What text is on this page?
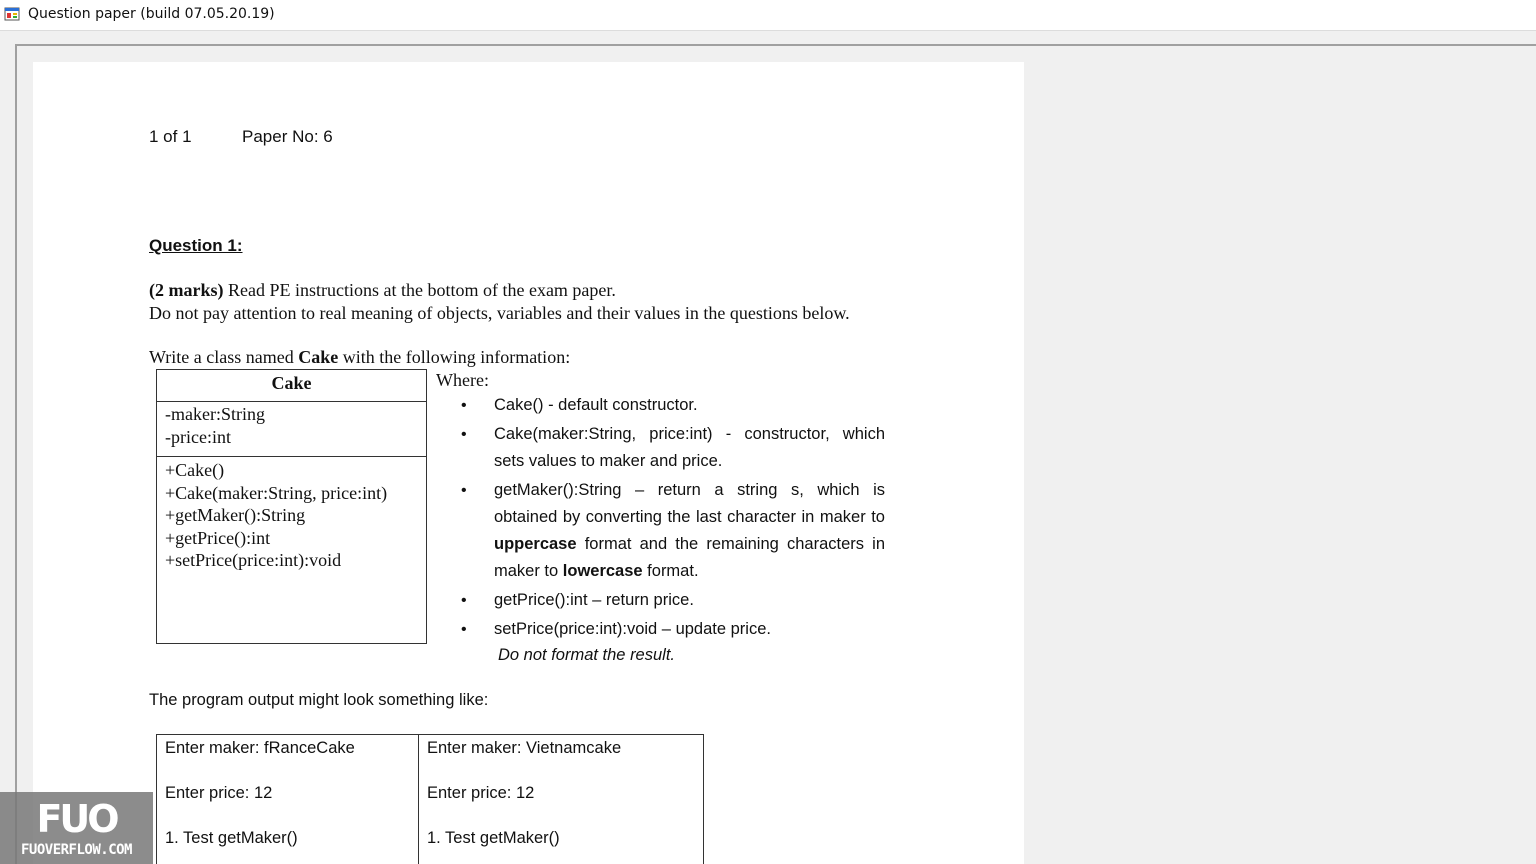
Question paper (build 07.05.20.19)
1 of 1	Paper No: 6
Question 1:
(2 marks) Read PE instructions at the bottom of the exam paper.
Do not pay attention to real meaning of objects, variables and their values in the questions below.
Write a class named Cake with the following information:
Cake
-maker:String
-price:int
+Cake()
+Cake(maker:String, price:int)
+getMaker():String
+getPrice():int
+setPrice(price:int):void
Where:
• Cake() - default constructor.
• Cake(maker:String, price:int) - constructor, which sets values to maker and price.
• getMaker():String – return a string s, which is obtained by converting the last character in maker to uppercase format and the remaining characters in maker to lowercase format.
• getPrice():int – return price.
• setPrice(price:int):void – update price.
Do not format the result.
The program output might look something like:
Enter maker: fRanceCake
Enter price: 12
1. Test getMaker()
Enter maker: Vietnamcake
Enter price: 12
1. Test getMaker()
FUO
FUOVERFLOW.COM
